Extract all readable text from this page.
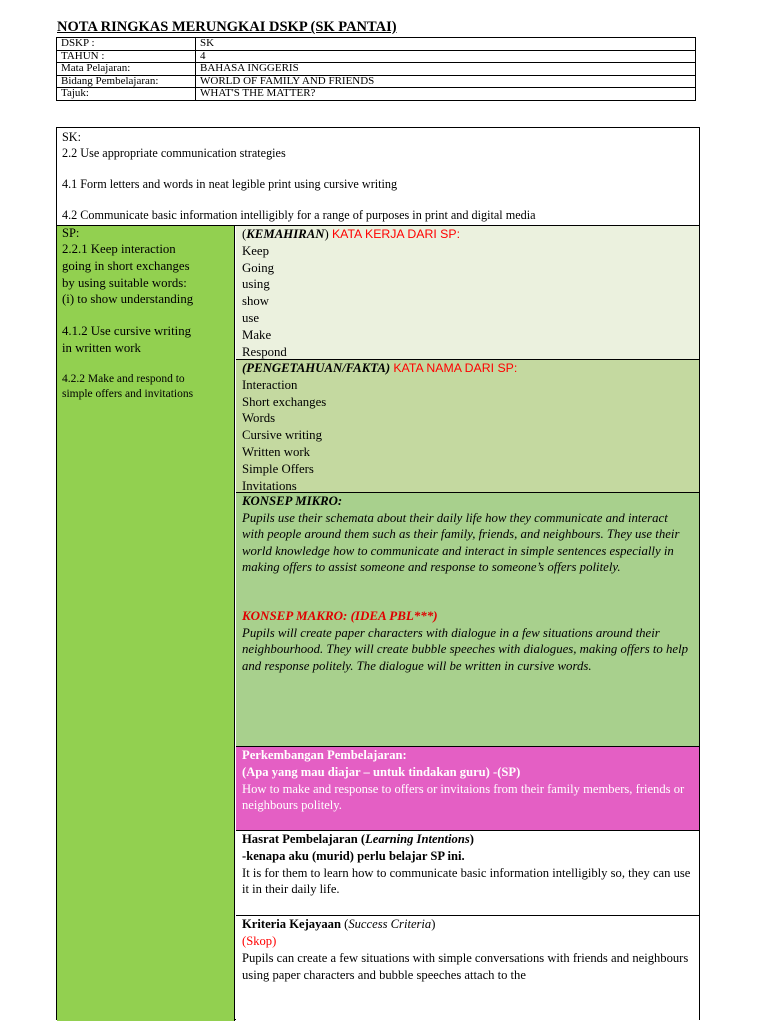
NOTA RINGKAS MERUNGKAI DSKP (SK PANTAI)
DSKP :	SK
TAHUN :	4
Mata Pelajaran:	BAHASA INGGERIS
Bidang Pembelajaran:	WORLD OF FAMILY AND FRIENDS
Tajuk:	WHAT'S THE MATTER?

SK:

2.2 Use appropriate communication strategies

4.1 Form letters and words in neat legible print using cursive writing

4.2 Communicate basic information intelligibly for a range of purposes in print and digital media

SP:

2.2.1 Keep interaction

going in short exchanges

by using suitable words:

(i) to show understanding

4.1.2 Use cursive writing

in written work

4.2.2 Make and respond to

simple offers and invitations

(KEMAHIRAN) KATA KERJA DARI SP:

Keep

Going

using

show

use

Make

Respond

(PENGETAHUAN/FAKTA) KATA NAMA DARI SP:

Interaction

Short exchanges

Words

Cursive writing

Written work

Simple Offers

Invitations

KONSEP MIKRO:

Pupils use their schemata about their daily life how they communicate and interact with people around them such as their family, friends, and neighbours. They use their world knowledge how to communicate and interact in simple sentences especially in making offers to assist someone and response to someone’s offers politely.

KONSEP MAKRO: (IDEA PBL***)

Pupils will create paper characters with dialogue in a few situations around their neighbourhood. They will create bubble speeches with dialogues, making offers to help and response politely. The dialogue will be written in cursive words.

Perkembangan Pembelajaran:

(Apa yang mau diajar – untuk tindakan guru) -(SP)

How to make and response to offers or invitaions from their family members, friends or neighbours politely.

Hasrat Pembelajaran (Learning Intentions)

-kenapa aku (murid) perlu belajar SP ini.

It is for them to learn how to communicate basic information intelligibly so, they can use it in their daily life.

Kriteria Kejayaan (Success Criteria)

(Skop)

Pupils can create a few situations with simple conversations with friends and neighbours using paper characters and bubble speeches attach to the
